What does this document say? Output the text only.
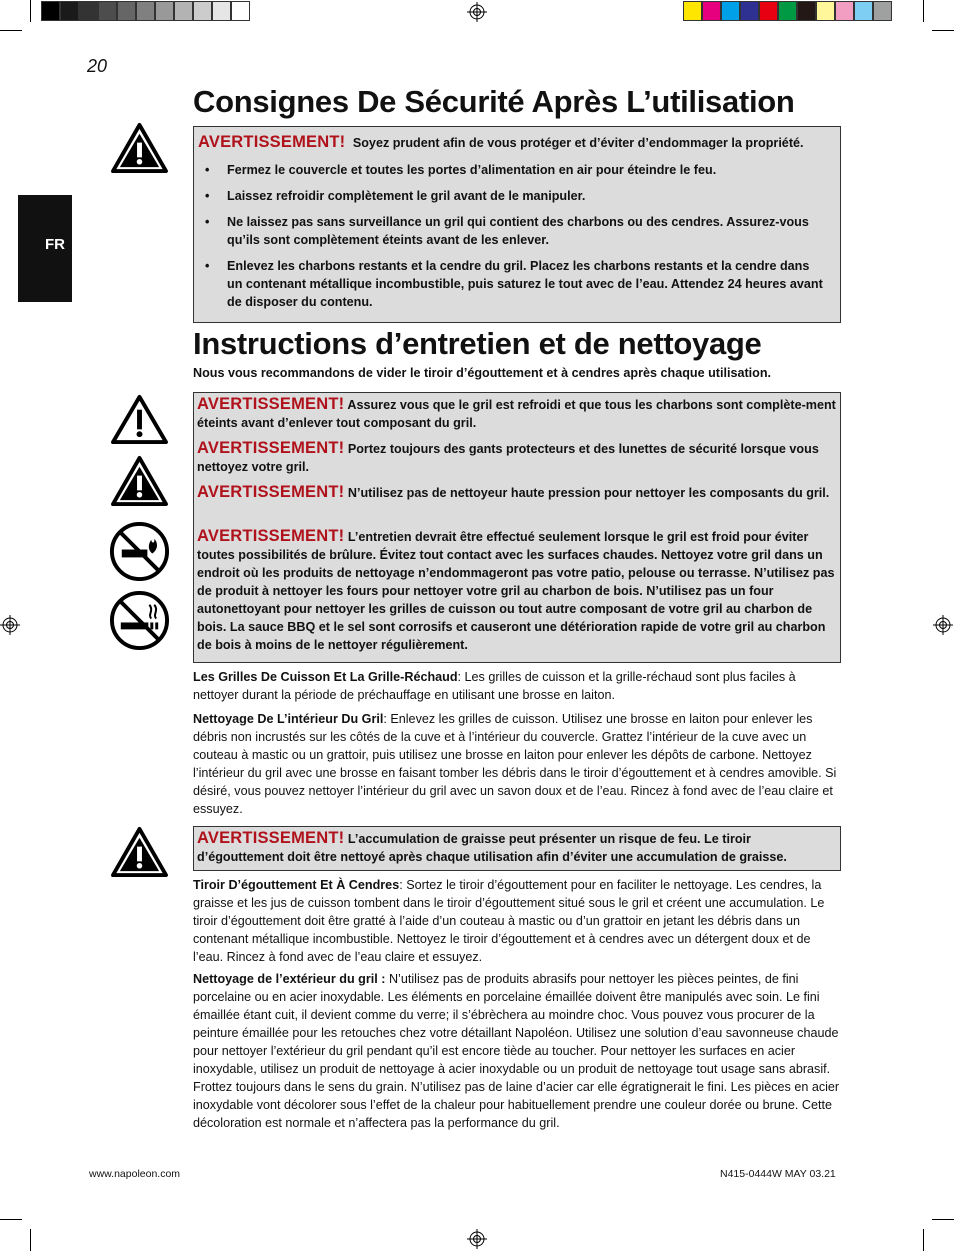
20
FR
Consignes De Sécurité Après L’utilisation
AVERTISSEMENT! Soyez prudent afin de vous protéger et d’éviter d’endommager la propriété.
• Fermez le couvercle et toutes les portes d’alimentation en air pour éteindre le feu.
• Laissez refroidir complètement le gril avant de le manipuler.
• Ne laissez pas sans surveillance un gril qui contient des charbons ou des cendres. Assurez-vous qu’ils sont complètement éteints avant de les enlever.
• Enlevez les charbons restants et la cendre du gril. Placez les charbons restants et la cendre dans un contenant métallique incombustible, puis saturez le tout avec de l’eau. Attendez 24 heures avant de disposer du contenu.
Instructions d’entretien et de nettoyage
Nous vous recommandons de vider le tiroir d’égouttement et à cendres après chaque utilisation.
AVERTISSEMENT! Assurez vous que le gril est refroidi et que tous les charbons sont complète-ment éteints avant d’enlever tout composant du gril.
AVERTISSEMENT! Portez toujours des gants protecteurs et des lunettes de sécurité lorsque vous nettoyez votre gril.
AVERTISSEMENT! N’utilisez pas de nettoyeur haute pression pour nettoyer les composants du gril.
AVERTISSEMENT! L’entretien devrait être effectué seulement lorsque le gril est froid pour éviter toutes possibilités de brûlure. Évitez tout contact avec les surfaces chaudes. Nettoyez votre gril dans un endroit où les produits de nettoyage n’endommageront pas votre patio, pelouse ou terrasse. N’utilisez pas de produit à nettoyer les fours pour nettoyer votre gril au charbon de bois. N’utilisez pas un four autonettoyant pour nettoyer les grilles de cuisson ou tout autre composant de votre gril au charbon de bois. La sauce BBQ et le sel sont corrosifs et causeront une détérioration rapide de votre gril au charbon de bois à moins de le nettoyer régulièrement.
Les Grilles De Cuisson Et La Grille-Réchaud: Les grilles de cuisson et la grille-réchaud sont plus faciles à nettoyer durant la période de préchauffage en utilisant une brosse en laiton.
Nettoyage De L’intérieur Du Gril: Enlevez les grilles de cuisson. Utilisez une brosse en laiton pour enlever les débris non incrustés sur les côtés de la cuve et à l’intérieur du couvercle. Grattez l’intérieur de la cuve avec un couteau à mastic ou un grattoir, puis utilisez une brosse en laiton pour enlever les dépôts de carbone. Nettoyez l’intérieur du gril avec une brosse en faisant tomber les débris dans le tiroir d’égouttement et à cendres amovible. Si désiré, vous pouvez nettoyer l’intérieur du gril avec un savon doux et de l’eau. Rincez à fond avec de l’eau claire et essuyez.
AVERTISSEMENT! L’accumulation de graisse peut présenter un risque de feu. Le tiroir d’égouttement doit être nettoyé après chaque utilisation afin d’éviter une accumulation de graisse.
Tiroir D’égouttement Et À Cendres: Sortez le tiroir d’égouttement pour en faciliter le nettoyage. Les cendres, la graisse et les jus de cuisson tombent dans le tiroir d’égouttement situé sous le gril et créent une accumulation. Le tiroir d’égouttement doit être gratté à l’aide d’un couteau à mastic ou d’un grattoir en jetant les débris dans un contenant métallique incombustible. Nettoyez le tiroir d’égouttement et à cendres avec un détergent doux et de l’eau. Rincez à fond avec de l’eau claire et essuyez.
Nettoyage de l’extérieur du gril : N’utilisez pas de produits abrasifs pour nettoyer les pièces peintes, de fini porcelaine ou en acier inoxydable. Les éléments en porcelaine émaillée doivent être manipulés avec soin. Le fini émaillée étant cuit, il devient comme du verre; il s’ébrèchera au moindre choc. Vous pouvez vous procurer de la peinture émaillée pour les retouches chez votre détaillant Napoléon. Utilisez une solution d’eau savonneuse chaude pour nettoyer l’extérieur du gril pendant qu’il est encore tiède au toucher. Pour nettoyer les surfaces en acier inoxydable, utilisez un produit de nettoyage à acier inoxydable ou un produit de nettoyage tout usage sans abrasif. Frottez toujours dans le sens du grain. N’utilisez pas de laine d’acier car elle égratignerait le fini. Les pièces en acier inoxydable vont décolorer sous l’effet de la chaleur pour habituellement prendre une couleur dorée ou brune. Cette décoloration est normale et n’affectera pas la performance du gril.
www.napoleon.com	N415-0444W MAY 03.21
